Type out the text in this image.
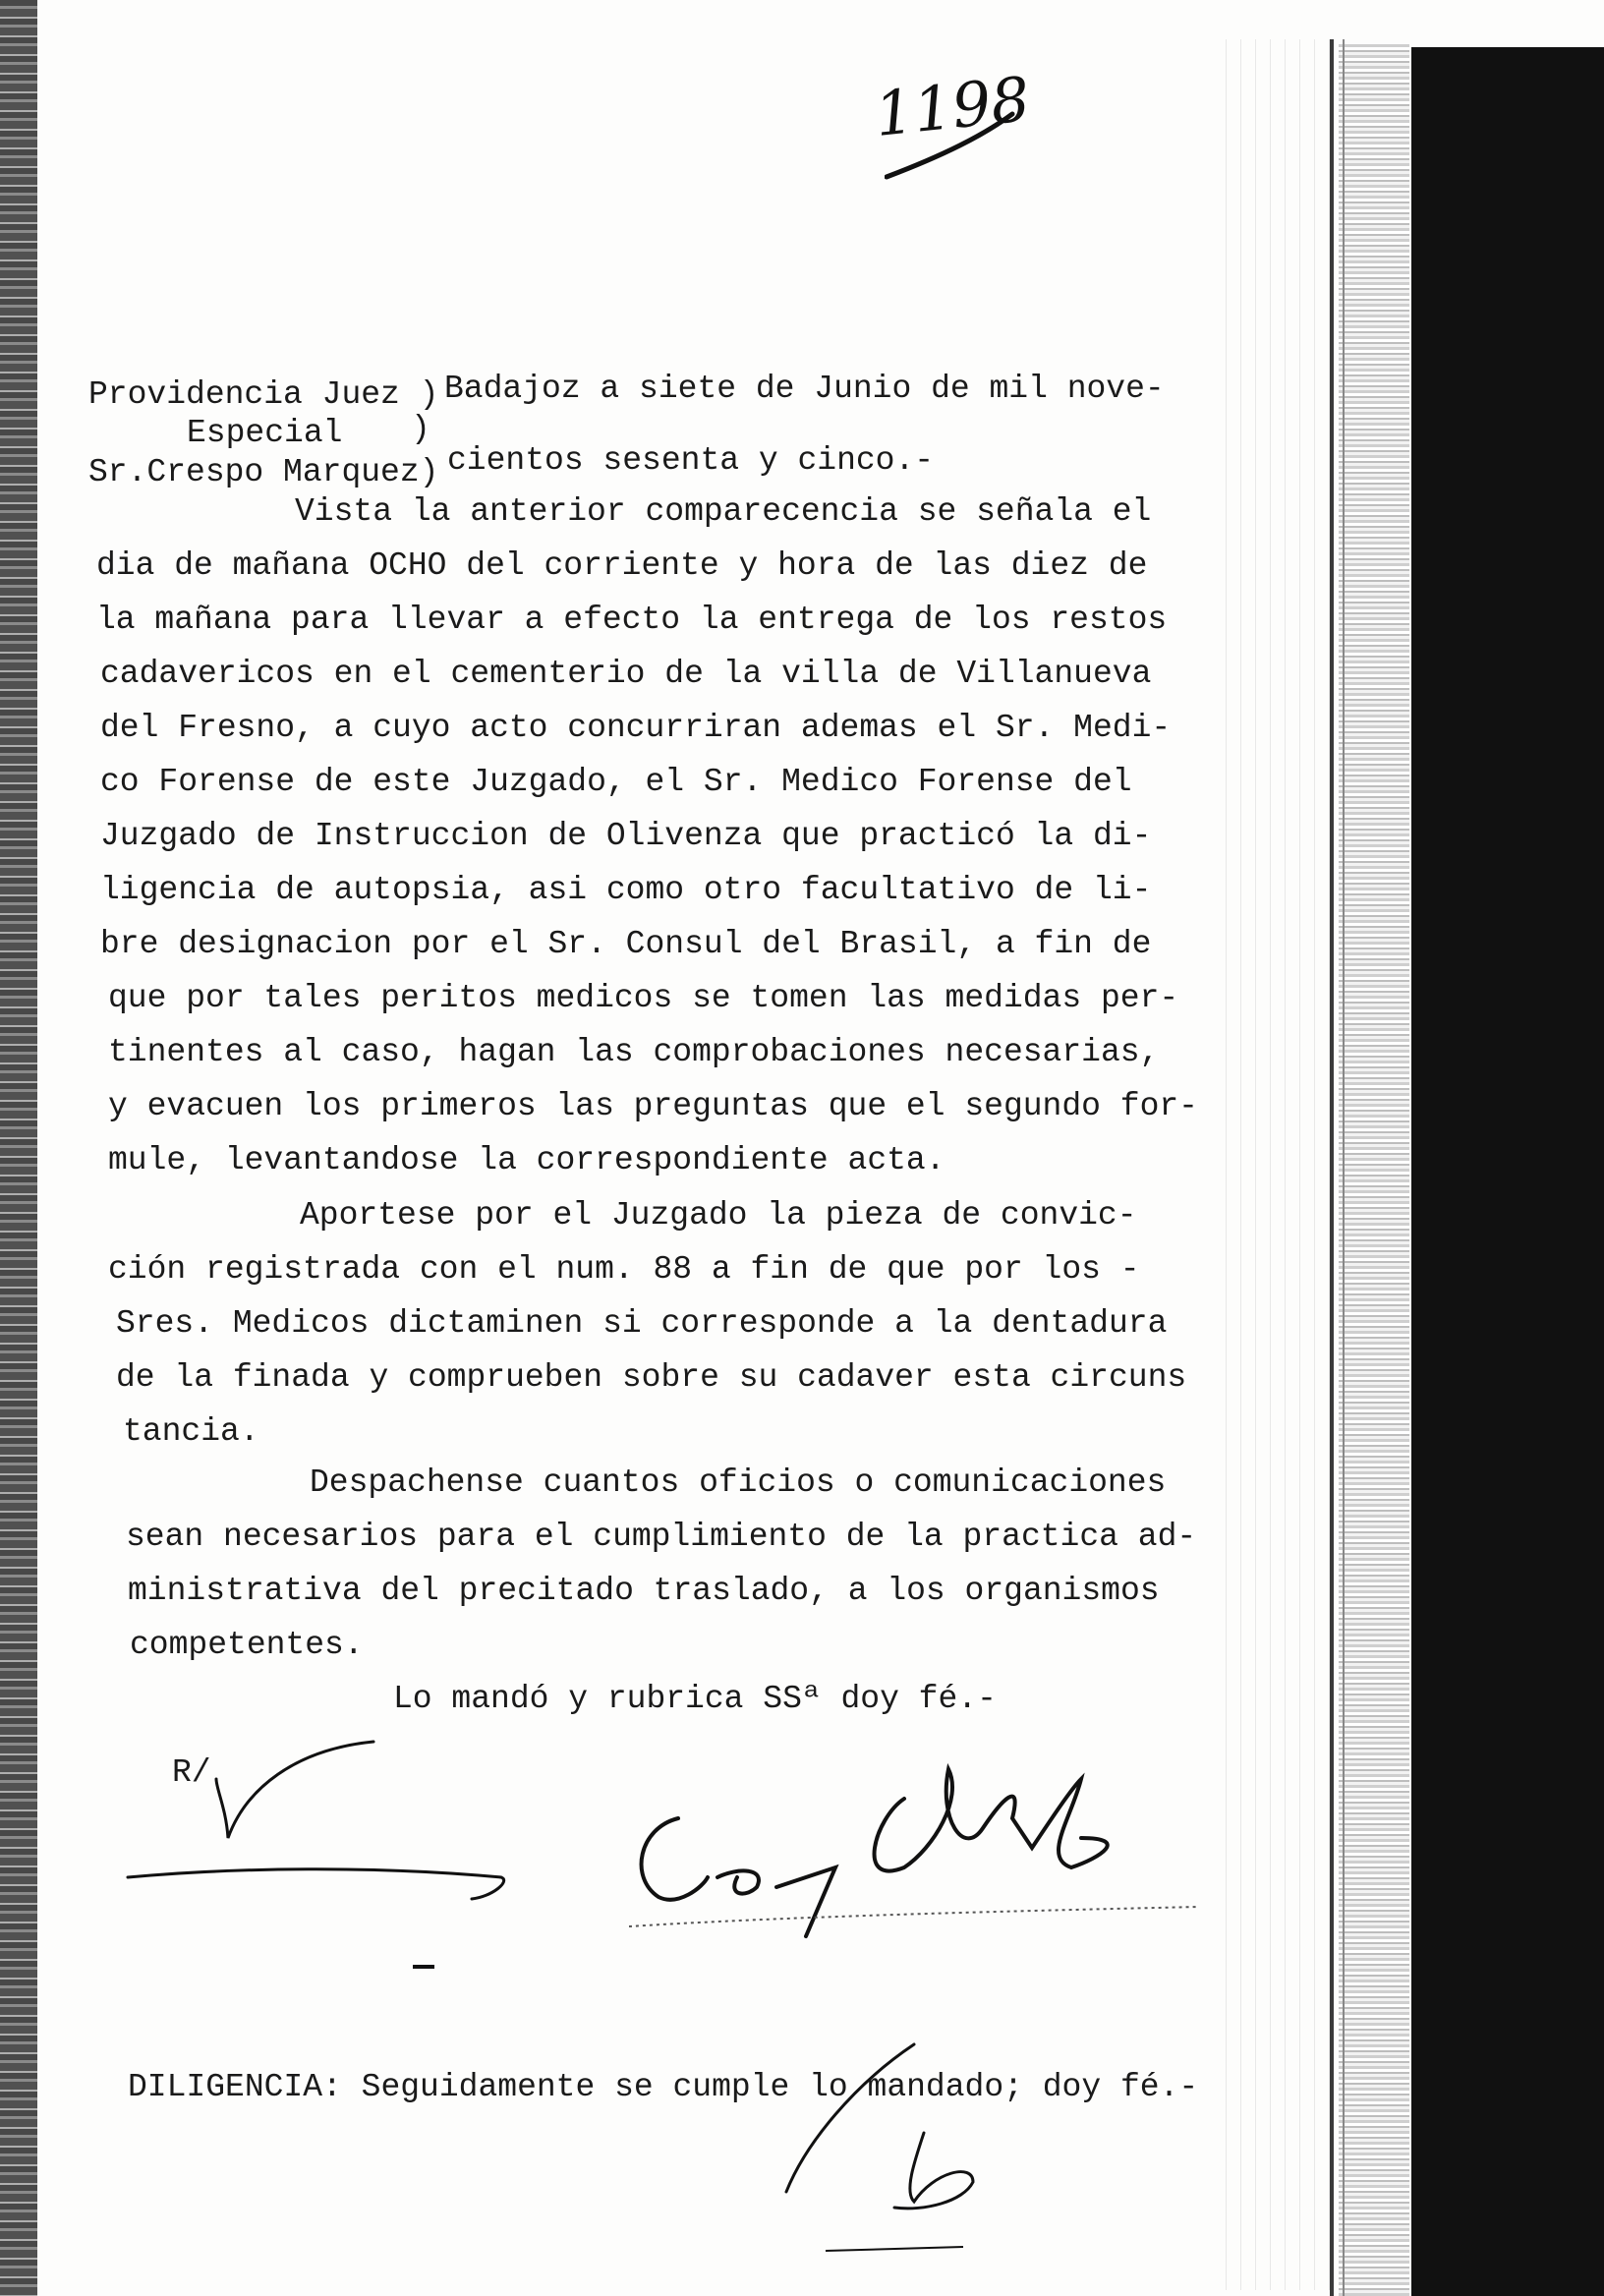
1198
Providencia Juez )
Especial )
Sr.Crespo Marquez)
Badajoz a siete de Junio de mil nove-
cientos sesenta y cinco.-
Vista la anterior comparecencia se señala el
dia de mañana OCHO del corriente y hora de las diez de
la mañana para llevar a efecto la entrega de los restos
cadavericos en el cementerio de la villa de Villanueva
del Fresno, a cuyo acto concurriran ademas el Sr. Medi-
co Forense de este Juzgado, el Sr. Medico Forense del
Juzgado de Instruccion de Olivenza que practicó la di-
ligencia de autopsia, asi como otro facultativo de li-
bre designacion por el Sr. Consul del Brasil, a fin de
que por tales peritos medicos se tomen las medidas per-
tinentes al caso, hagan las comprobaciones necesarias,
y evacuen los primeros las preguntas que el segundo for-
mule, levantandose la correspondiente acta.
Aportese por el Juzgado la pieza de convic-
ción registrada con el num. 88 a fin de que por los -
Sres. Medicos dictaminen si corresponde a la dentadura
de la finada y comprueben sobre su cadaver esta circuns
tancia.
Despachense cuantos oficios o comunicaciones
sean necesarios para el cumplimiento de la practica ad-
ministrativa del precitado traslado, a los organismos
competentes.
Lo mandó y rubrica SSª doy fé.-
R/
DILIGENCIA: Seguidamente se cumple lo mandado; doy fé.-
